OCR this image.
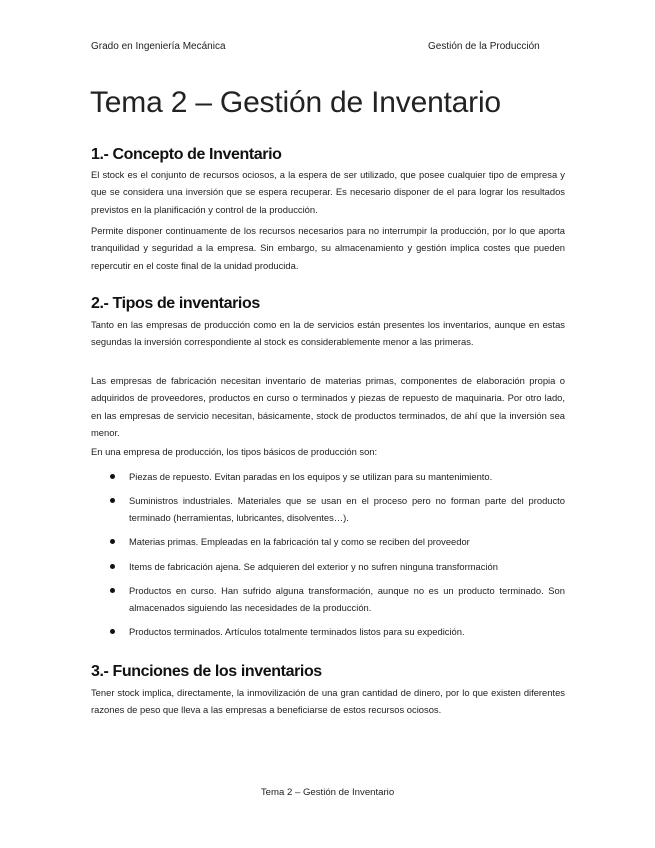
Grado en Ingeniería Mecánica	Gestión de la Producción
Tema 2 – Gestión de Inventario
1.- Concepto de Inventario

El stock es el conjunto de recursos ociosos, a la espera de ser utilizado, que posee cualquier tipo de empresa y que se considera una inversión que se espera recuperar. Es necesario disponer de el para lograr los resultados previstos en la planificación y control de la producción.

Permite disponer continuamente de los recursos necesarios para no interrumpir la producción, por lo que aporta tranquilidad y seguridad a la empresa. Sin embargo, su almacenamiento y gestión implica costes que pueden repercutir en el coste final de la unidad producida.

2.- Tipos de inventarios

Tanto en las empresas de producción como en la de servicios están presentes los inventarios, aunque en estas segundas la inversión correspondiente al stock es considerablemente menor a las primeras.

Las empresas de fabricación necesitan inventario de materias primas, componentes de elaboración propia o adquiridos de proveedores, productos en curso o terminados y piezas de repuesto de maquinaria. Por otro lado, en las empresas de servicio necesitan, básicamente, stock de productos terminados, de ahí que la inversión sea menor.

En una empresa de producción, los tipos básicos de producción son:

Piezas de repuesto. Evitan paradas en los equipos y se utilizan para su mantenimiento.
Suministros industriales. Materiales que se usan en el proceso pero no forman parte del producto terminado (herramientas, lubricantes, disolventes…).
Materias primas. Empleadas en la fabricación tal y como se reciben del proveedor
Items de fabricación ajena. Se adquieren del exterior y no sufren ninguna transformación
Productos en curso. Han sufrido alguna transformación, aunque no es un producto terminado. Son almacenados siguiendo las necesidades de la producción.
Productos terminados. Artículos totalmente terminados listos para su expedición.
3.- Funciones de los inventarios

Tener stock implica, directamente, la inmovilización de una gran cantidad de dinero, por lo que existen diferentes razones de peso que lleva a las empresas a beneficiarse de estos recursos ociosos.

Tema 2 – Gestión de Inventario
